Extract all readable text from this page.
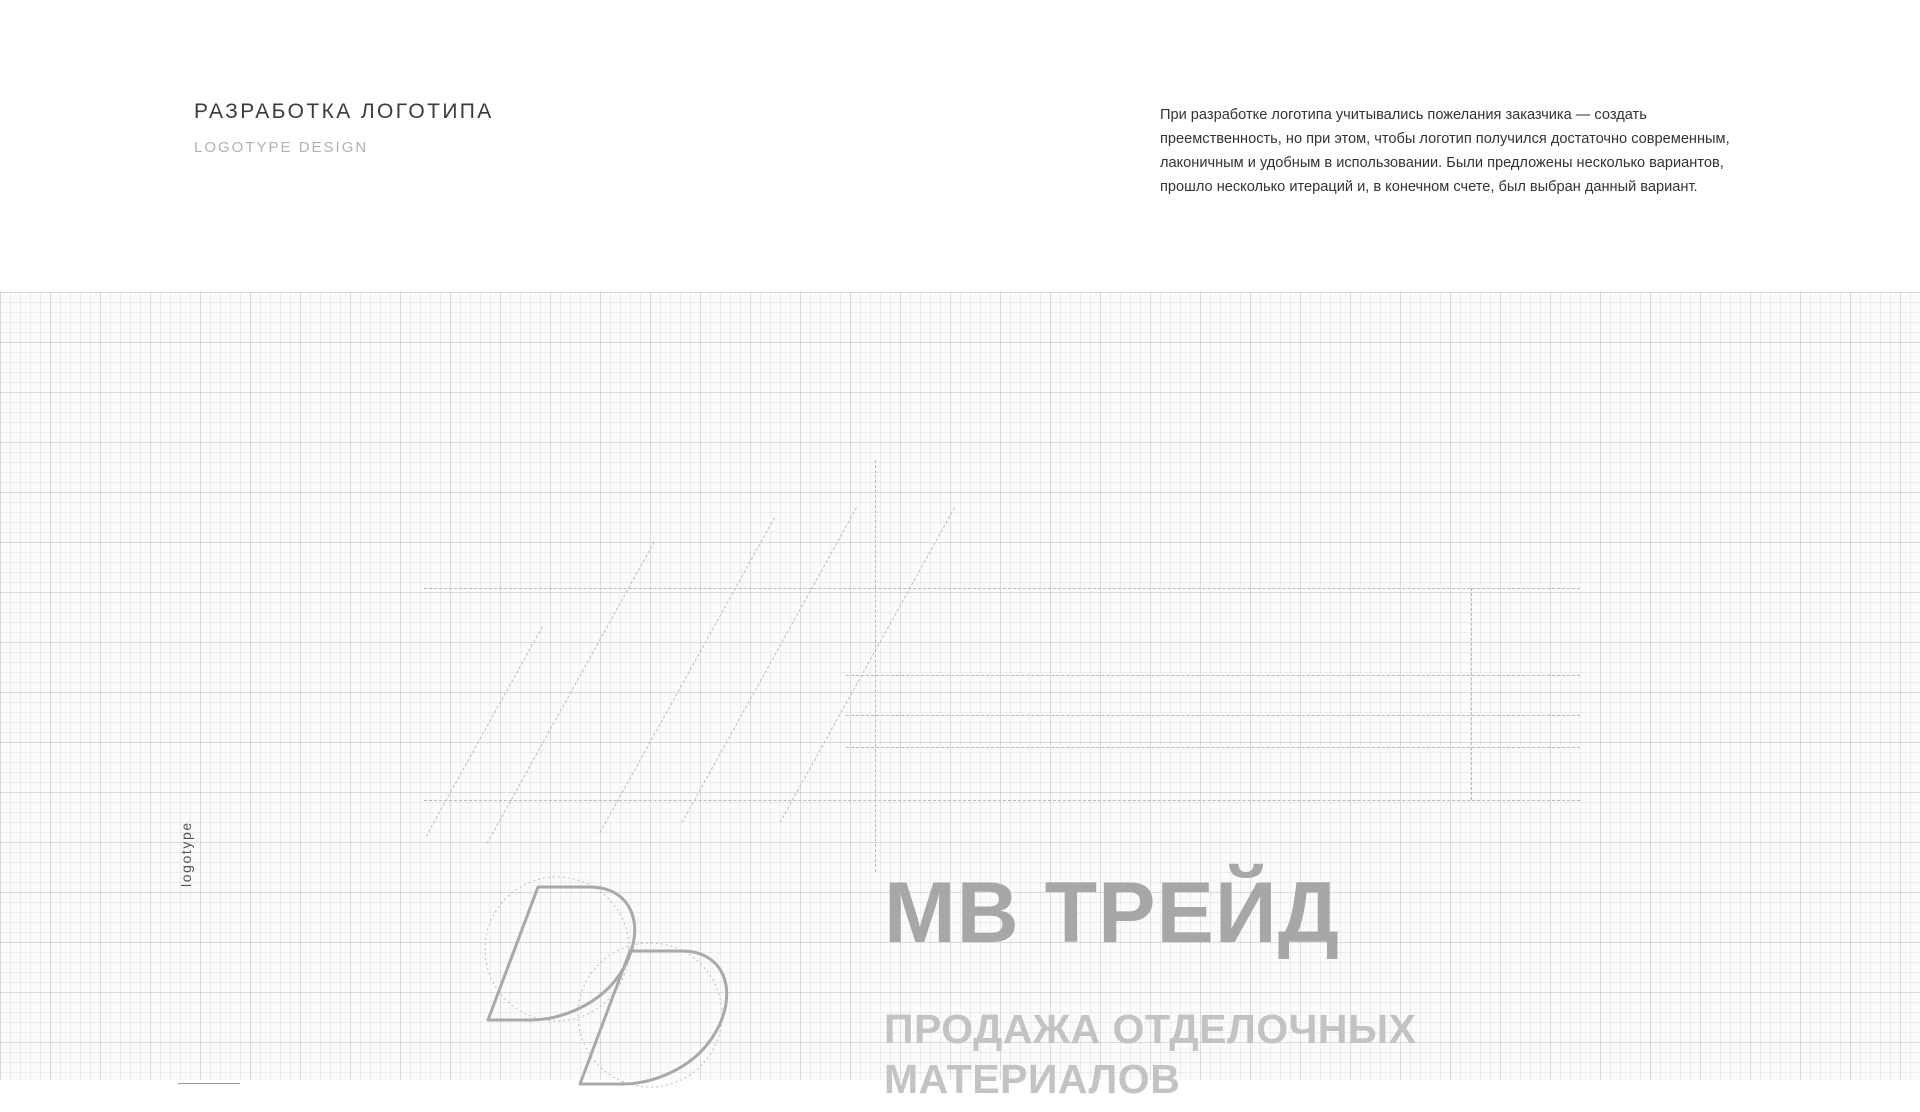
РАЗРАБОТКА ЛОГОТИПА
LOGOTYPE DESIGN
При разработке логотипа учитывались пожелания заказчика — создать преемственность, но при этом, чтобы логотип получился достаточно современным, лаконичным и удобным в использовании. Были предложены несколько вариантов, прошло несколько итераций и, в конечном счете, был выбран данный вариант.
logotype
МВ ТРЕЙД
ПРОДАЖА ОТДЕЛОЧНЫХ
МАТЕРИАЛОВ
